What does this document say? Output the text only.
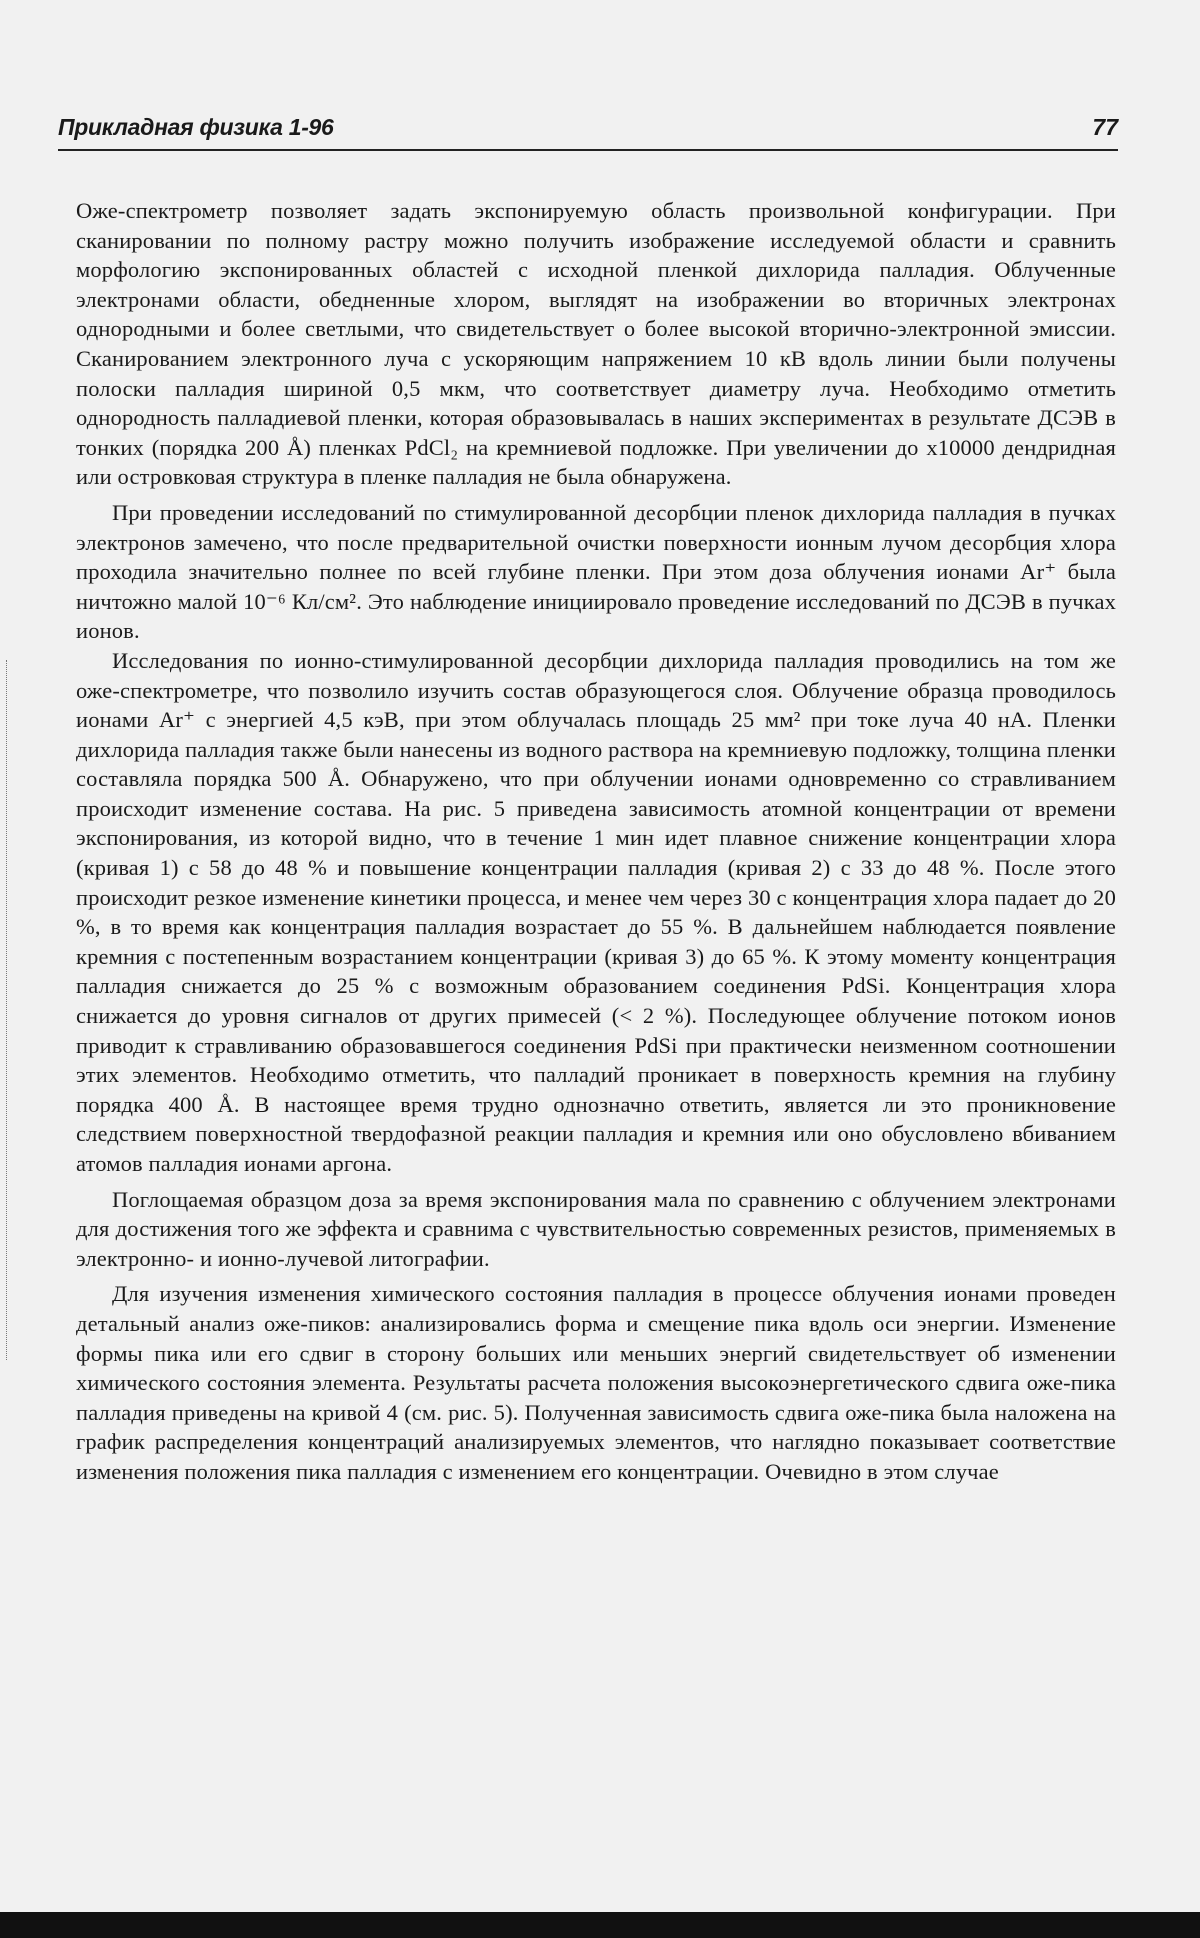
Прикладная физика 1-96	77

Оже-спектрометр позволяет задать экспонируемую область произвольной конфигурации. При сканировании по полному растру можно получить изображение исследуемой области и сравнить морфологию экспонированных областей с исходной пленкой дихлорида палладия. Облученные электронами области, обедненные хлором, выглядят на изображении во вторичных электронах однородными и более светлыми, что свидетельствует о более высокой вторично-электронной эмиссии. Сканированием электронного луча с ускоряющим напряжением 10 кВ вдоль линии были получены полоски палладия шириной 0,5 мкм, что соответствует диаметру луча. Необходимо отметить однородность палладиевой пленки, которая образовывалась в наших экспериментах в результате ДСЭВ в тонких (порядка 200 Å) пленках PdCl₂ на кремниевой подложке. При увеличении до x10000 дендридная или островковая структура в пленке палладия не была обнаружена.

При проведении исследований по стимулированной десорбции пленок дихлорида палладия в пучках электронов замечено, что после предварительной очистки поверхности ионным лучом десорбция хлора проходила значительно полнее по всей глубине пленки. При этом доза облучения ионами Ar⁺ была ничтожно малой 10⁻⁶ Кл/см². Это наблюдение инициировало проведение исследований по ДСЭВ в пучках ионов.

Исследования по ионно-стимулированной десорбции дихлорида палладия проводились на том же оже-спектрометре, что позволило изучить состав образующегося слоя. Облучение образца проводилось ионами Ar⁺ с энергией 4,5 кэВ, при этом облучалась площадь 25 мм² при токе луча 40 нА. Пленки дихлорида палладия также были нанесены из водного раствора на кремниевую подложку, толщина пленки составляла порядка 500 Å. Обнаружено, что при облучении ионами одновременно со стравливанием происходит изменение состава. На рис. 5 приведена зависимость атомной концентрации от времени экспонирования, из которой видно, что в течение 1 мин идет плавное снижение концентрации хлора (кривая 1) с 58 до 48 % и повышение концентрации палладия (кривая 2) с 33 до 48 %. После этого происходит резкое изменение кинетики процесса, и менее чем через 30 с концентрация хлора падает до 20 %, в то время как концентрация палладия возрастает до 55 %. В дальнейшем наблюдается появление кремния с постепенным возрастанием концентрации (кривая 3) до 65 %. К этому моменту концентрация палладия снижается до 25 % с возможным образованием соединения PdSi. Концентрация хлора снижается до уровня сигналов от других примесей (< 2 %). Последующее облучение потоком ионов приводит к стравливанию образовавшегося соединения PdSi при практически неизменном соотношении этих элементов. Необходимо отметить, что палладий проникает в поверхность кремния на глубину порядка 400 Å. В настоящее время трудно однозначно ответить, является ли это проникновение следствием поверхностной твердофазной реакции палладия и кремния или оно обусловлено вбиванием атомов палладия ионами аргона.

Поглощаемая образцом доза за время экспонирования мала по сравнению с облучением электронами для достижения того же эффекта и сравнима с чувствительностью современных резистов, применяемых в электронно- и ионно-лучевой литографии.

Для изучения изменения химического состояния палладия в процессе облучения ионами проведен детальный анализ оже-пиков: анализировались форма и смещение пика вдоль оси энергии. Изменение формы пика или его сдвиг в сторону больших или меньших энергий свидетельствует об изменении химического состояния элемента. Результаты расчета положения высокоэнергетического сдвига оже-пика палладия приведены на кривой 4 (см. рис. 5). Полученная зависимость сдвига оже-пика была наложена на график распределения концентраций анализируемых элементов, что наглядно показывает соответствие изменения положения пика палладия с изменением его концентрации. Очевидно в этом случае
